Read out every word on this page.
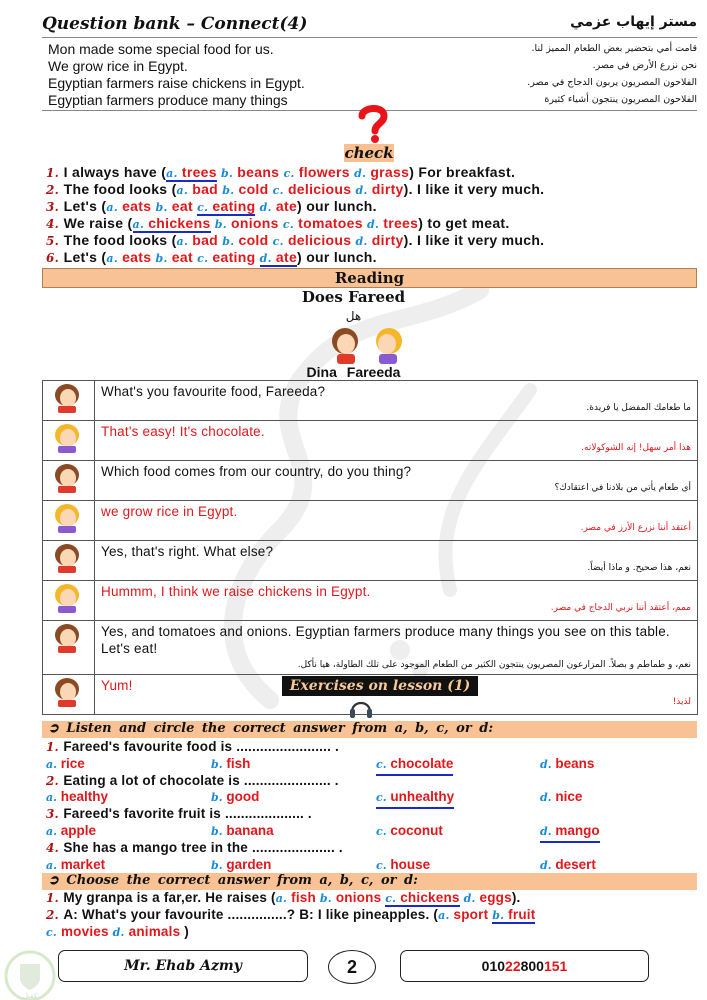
Question bank – Connect(4)	مستر إيهاب عزمي
Mon made some special food for us.	قامت أمي بتحضير بعض الطعام المميز لنا.
We grow rice in Egypt.	نحن نزرع الأرض في مصر.
Egyptian farmers raise chickens in Egypt.	الفلاحون المصريون يربون الدجاج في مصر.
Egyptian farmers produce many things	الفلاحون المصريون ينتجون أشياء كثيرة
check
1. I always have (a. trees b. beans c. flowers d. grass) For breakfast.
2. The food looks (a. bad b. cold c. delicious d. dirty). I like it very much.
3. Let's (a. eats b. eat c. eating d. ate) our lunch.
4. We raise (a. chickens b. onions c. tomatoes d. trees) to get meat.
5. The food looks (a. bad b. cold c. delicious d. dirty). I like it very much.
6. Let's (a. eats b. eat c. eating d. ate) our lunch.
Reading
Does Fareed
هل
Dina Fareeda

What's you favourite food, Fareeda?
ما طعامك المفضل يا فريدة.

That's easy! It's chocolate.
هذا أمر سهل! إنه الشوكولاته.

Which food comes from our country, do you thing?
أي طعام يأتي من بلادنا في اعتقادك؟

we grow rice in Egypt.
أعتقد أننا نزرع الأرز في مصر.

Yes, that's right. What else?
نعم، هذا صحيح. و ماذا أيضاً.

Hummm, I think we raise chickens in Egypt.
ممم، أعتقد أننا نربي الدجاج في مصر.

Yes, and tomatoes and onions. Egyptian farmers produce many things you see on this table. Let's eat!
نعم، و طماطم و بصلاً. المزارعون المصريون ينتجون الكثير من الطعام الموجود على تلك الطاولة، هيا نأكل.

Yum!
لذيذ!
Exercises on lesson (1)
➲ Listen and circle the correct answer from a, b, c, or d:
1. Fareed's favourite food is ........................ .
a. rice	b. fish	c. chocolate	d. beans
2. Eating a lot of chocolate is ...................... .
a. healthy	b. good	c. unhealthy	d. nice
3. Fareed's favorite fruit is .................... .
a. apple	b. banana	c. coconut	d. mango
4. She has a mango tree in the ..................... .
a. market	b. garden	c. house	d. desert
➲ Choose the correct answer from a, b, c, or d:
1. My granpa is a far,er. He raises (a. fish b. onions c. chickens d. eggs).
2. A: What's your favourite ...............? B: I like pineapples. (a. sport b. fruit
c. movies d. animals )
كفيل
Mr. Ehab Azmy	2	01022800151
